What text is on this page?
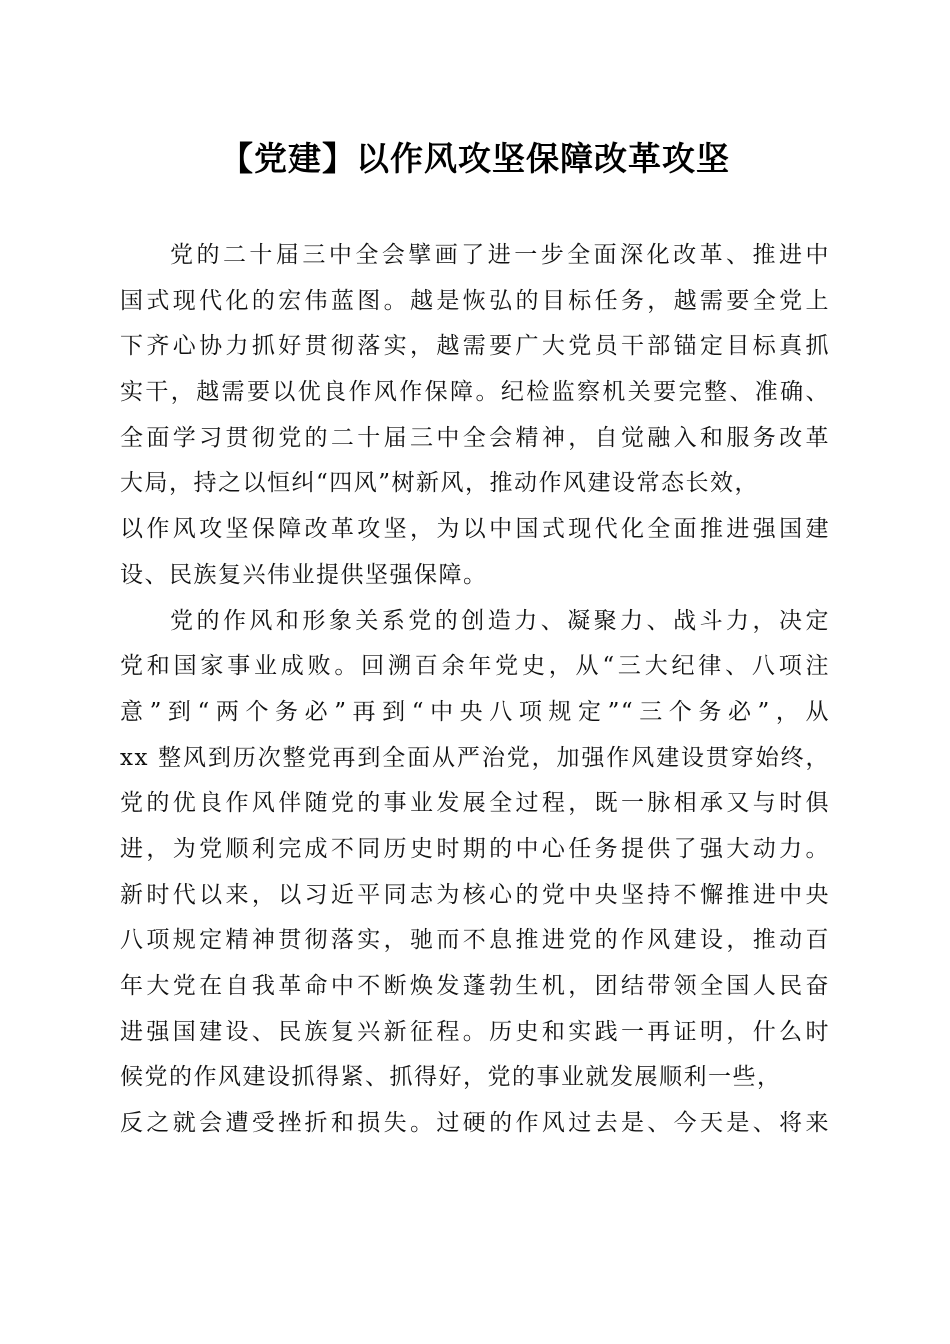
【党建】以作风攻坚保障改革攻坚
党的二十届三中全会擘画了进一步全面深化改革、推进中
国式现代化的宏伟蓝图。越是恢弘的目标任务，越需要全党上
下齐心协力抓好贯彻落实，越需要广大党员干部锚定目标真抓
实干，越需要以优良作风作保障。纪检监察机关要完整、准确、
全面学习贯彻党的二十届三中全会精神，自觉融入和服务改革
大局，持之以恒纠“四风”树新风，推动作风建设常态长效，
以作风攻坚保障改革攻坚，为以中国式现代化全面推进强国建
设、民族复兴伟业提供坚强保障。
党的作风和形象关系党的创造力、凝聚力、战斗力，决定
党和国家事业成败。回溯百余年党史，从“三大纪律、八项注
意”到“两个务必”再到“中央八项规定”“三个务必”，从
xx 整风到历次整党再到全面从严治党，加强作风建设贯穿始终，
党的优良作风伴随党的事业发展全过程，既一脉相承又与时俱
进，为党顺利完成不同历史时期的中心任务提供了强大动力。
新时代以来，以习近平同志为核心的党中央坚持不懈推进中央
八项规定精神贯彻落实，驰而不息推进党的作风建设，推动百
年大党在自我革命中不断焕发蓬勃生机，团结带领全国人民奋
进强国建设、民族复兴新征程。历史和实践一再证明，什么时
候党的作风建设抓得紧、抓得好，党的事业就发展顺利一些，
反之就会遭受挫折和损失。过硬的作风过去是、今天是、将来
